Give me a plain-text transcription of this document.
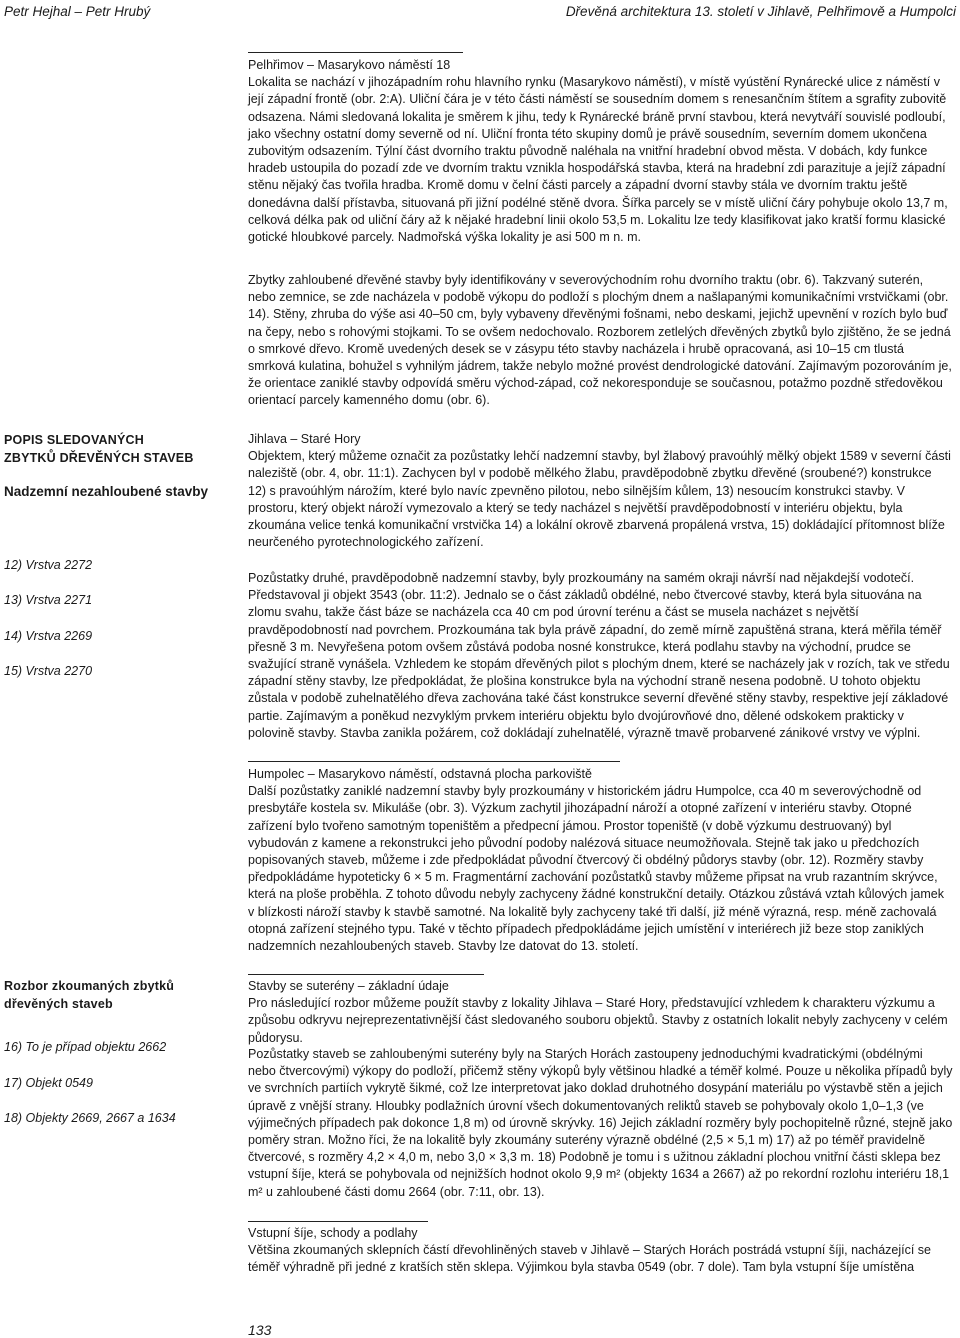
Petr Hejhal – Petr Hrubý	Dřevěná architektura 13. století v Jihlavě, Pelhřimově a Humpolci

Pelhřimov – Masarykovo náměstí 18

Lokalita se nachází v jihozápadním rohu hlavního rynku (Masarykovo náměstí), v místě vyústění Rynárecké ulice z náměstí v její západní frontě (obr. 2:A). Uliční čára je v této části náměstí se sousedním domem s renesančním štítem a sgrafity zubovitě odsazena. Námi sledovaná lokalita je směrem k jihu, tedy k Rynárecké bráně první stavbou, která nevytváří souvislé podloubí, jako všechny ostatní domy severně od ní. Uliční fronta této skupiny domů je právě sousedním, severním domem ukončena zubovitým odsazením. Týlní část dvorního traktu původně naléhala na vnitřní hradební obvod města. V dobách, kdy funkce hradeb ustoupila do pozadí zde ve dvorním traktu vznikla hospodářská stavba, která na hradební zdi parazituje a jejíž západní stěnu nějaký čas tvořila hradba. Kromě domu v čelní části parcely a západní dvorní stavby stála ve dvorním traktu ještě donedávna další přístavba, situovaná při jižní podélné stěně dvora. Šířka parcely se v místě uliční čáry pohybuje okolo 13,7 m, celková délka pak od uliční čáry až k nějaké hradební linii okolo 53,5 m. Lokalitu lze tedy klasifikovat jako kratší formu klasické gotické hloubkové parcely. Nadmořská výška lokality je asi 500 m n. m.

Zbytky zahloubené dřevěné stavby byly identifikovány v severovýchodním rohu dvorního traktu (obr. 6). Takzvaný suterén, nebo zemnice, se zde nacházela v podobě výkopu do podloží s plochým dnem a našlapanými komunikačními vrstvičkami (obr. 14). Stěny, zhruba do výše asi 40–50 cm, byly vybaveny dřevěnými fošnami, nebo deskami, jejichž upevnění v rozích bylo buď na čepy, nebo s rohovými stojkami. To se ovšem nedochovalo. Rozborem zetlelých dřevěných zbytků bylo zjištěno, že se jedná o smrkové dřevo. Kromě uvedených desek se v zásypu této stavby nacházela i hrubě opracovaná, asi 10–15 cm tlustá smrková kulatina, bohužel s vyhnilým jádrem, takže nebylo možné provést dendrologické datování. Zajímavým pozorováním je, že orientace zaniklé stavby odpovídá směru východ-západ, což nekoresponduje se současnou, potažmo pozdně středověkou orientací parcely kamenného domu (obr. 6).

POPIS SLEDOVANÝCH
ZBYTKŮ DŘEVĚNÝCH STAVEB
Nadzemní nezahloubené stavby

12) Vrstva 2272

13) Vrstva 2271

14) Vrstva 2269

15) Vrstva 2270

Jihlava – Staré Hory

Objektem, který můžeme označit za pozůstatky lehčí nadzemní stavby, byl žlabový pravoúhlý mělký objekt 1589 v severní části naleziště (obr. 4, obr. 11:1). Zachycen byl v podobě mělkého žlabu, pravděpodobně zbytku dřevěné (sroubené?) konstrukce 12) s pravoúhlým nárožím, které bylo navíc zpevněno pilotou, nebo silnějším kůlem, 13) nesoucím konstrukci stavby. V prostoru, který objekt nároží vymezovalo a který se tedy nacházel s největší pravděpodobností v interiéru objektu, byla zkoumána velice tenká komunikační vrstvička 14) a lokální okrově zbarvená propálená vrstva, 15) dokládající přítomnost blíže neurčeného pyrotechnologického zařízení.

Pozůstatky druhé, pravděpodobně nadzemní stavby, byly prozkoumány na samém okraji návrší nad nějakdejší vodotečí. Představoval ji objekt 3543 (obr. 11:2). Jednalo se o část základů obdélné, nebo čtvercové stavby, která byla situována na zlomu svahu, takže část báze se nacházela cca 40 cm pod úrovní terénu a část se musela nacházet s největší pravděpodobností nad povrchem. Prozkoumána tak byla právě západní, do země mírně zapuštěná strana, která měřila téměř přesně 3 m. Nevyřešena potom ovšem zůstává podoba nosné konstrukce, která podlahu stavby na východní, prudce se svažující straně vynášela. Vzhledem ke stopám dřevěných pilot s plochým dnem, které se nacházely jak v rozích, tak ve středu západní stěny stavby, lze předpokládat, že plošina konstrukce byla na východní straně nesena podobně. U tohoto objektu zůstala v podobě zuhelnatělého dřeva zachována také část konstrukce severní dřevěné stěny stavby, respektive její základové partie. Zajímavým a poněkud nezvyklým prvkem interiéru objektu bylo dvojúrovňové dno, dělené odskokem prakticky v polovině stavby. Stavba zanikla požárem, což dokládají zuhelnatělé, výrazně tmavě probarvené zánikové vrstvy ve výplni.

Humpolec – Masarykovo náměstí, odstavná plocha parkoviště

Další pozůstatky zaniklé nadzemní stavby byly prozkoumány v historickém jádru Humpolce, cca 40 m severovýchodně od presbytáře kostela sv. Mikuláše (obr. 3). Výzkum zachytil jihozápadní nároží a otopné zařízení v interiéru stavby. Otopné zařízení bylo tvořeno samotným topeništěm a předpecní jámou. Prostor topeniště (v době výzkumu destruovaný) byl vybudován z kamene a rekonstrukci jeho původní podoby nalézová situace neumožňovala. Stejně tak jako u předchozích popisovaných staveb, můžeme i zde předpokládat původní čtvercový či obdélný půdorys stavby (obr. 12). Rozměry stavby předpokládáme hypoteticky 6 × 5 m. Fragmentární zachování pozůstatků stavby můžeme připsat na vrub razantním skrývce, která na ploše proběhla. Z tohoto důvodu nebyly zachyceny žádné konstrukční detaily. Otázkou zůstává vztah kůlových jamek v blízkosti nároží stavby k stavbě samotné. Na lokalitě byly zachyceny také tři další, již méně výrazná, resp. méně zachovalá otopná zařízení stejného typu. Také v těchto případech předpokládáme jejich umístění v interiérech již beze stop zaniklých nadzemních nezahloubených staveb. Stavby lze datovat do 13. století.

Rozbor zkoumaných zbytků
dřevěných staveb

16) To je případ objektu 2662

17) Objekt 0549

18) Objekty 2669, 2667 a 1634

Stavby se suterény – základní údaje

Pro následující rozbor můžeme použít stavby z lokality Jihlava – Staré Hory, představující vzhledem k charakteru výzkumu a způsobu odkryvu nejreprezentativnější část sledovaného souboru objektů. Stavby z ostatních lokalit nebyly zachyceny v celém půdorysu.

Pozůstatky staveb se zahloubenými suterény byly na Starých Horách zastoupeny jednoduchými kvadratickými (obdélnými nebo čtvercovými) výkopy do podloží, přičemž stěny výkopů byly většinou hladké a téměř kolmé. Pouze u několika případů byly ve svrchních partiích vykrytě šikmé, což lze interpretovat jako doklad druhotného dosypání materiálu po výstavbě stěn a jejich úpravě z vnější strany. Hloubky podlažních úrovní všech dokumentovaných reliktů staveb se pohybovaly okolo 1,0–1,3 (ve výjimečných případech pak dokonce 1,8 m) od úrovně skrývky. 16) Jejich základní rozměry byly pochopitelně různé, stejně jako poměry stran. Možno říci, že na lokalitě byly zkoumány suterény výrazně obdélné (2,5 × 5,1 m) 17) až po téměř pravidelně čtvercové, s rozměry 4,2 × 4,0 m, nebo 3,0 × 3,3 m. 18) Podobně je tomu i s užitnou základní plochou vnitřní části sklepa bez vstupní šíje, která se pohybovala od nejnižších hodnot okolo 9,9 m² (objekty 1634 a 2667) až po rekordní rozlohu interiéru 18,1 m² u zahloubené části domu 2664 (obr. 7:11, obr. 13).

Vstupní šíje, schody a podlahy

Většina zkoumaných sklepních částí dřevohliněných staveb v Jihlavě – Starých Horách postrádá vstupní šíji, nacházející se téměř výhradně při jedné z kratších stěn sklepa. Výjimkou byla stavba 0549 (obr. 7 dole). Tam byla vstupní šíje umístěna

133
